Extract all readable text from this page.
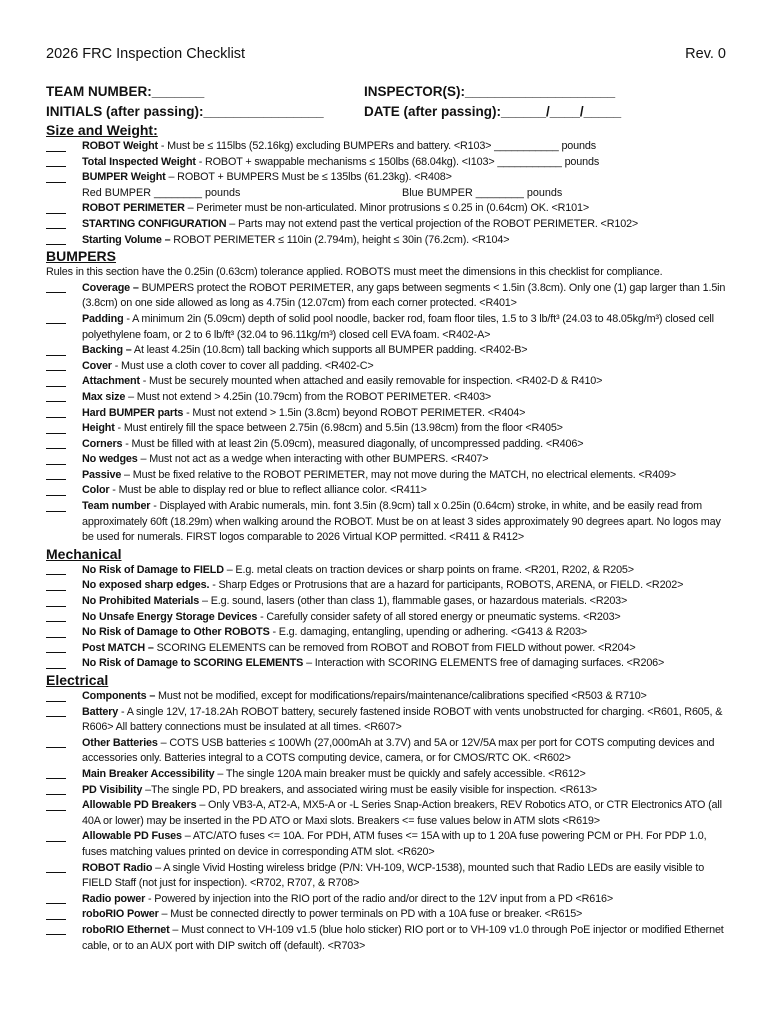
2026 FRC Inspection Checklist	Rev. 0
TEAM NUMBER:_______	INSPECTOR(S):____________________
INITIALS (after passing):________________	DATE (after passing):______/____/_____
Size and Weight:
ROBOT Weight - Must be ≤ 115lbs (52.16kg) excluding BUMPERs and battery. <R103> ___________ pounds
Total Inspected Weight - ROBOT + swappable mechanisms ≤ 150lbs (68.04kg). <I103> ___________ pounds
BUMPER Weight – ROBOT + BUMPERS Must be ≤ 135lbs (61.23kg). <R408>
Red BUMPER ________ pounds	Blue BUMPER ________ pounds
ROBOT PERIMETER – Perimeter must be non-articulated. Minor protrusions ≤ 0.25 in (0.64cm) OK. <R101>
STARTING CONFIGURATION – Parts may not extend past the vertical projection of the ROBOT PERIMETER. <R102>
Starting Volume – ROBOT PERIMETER ≤ 110in (2.794m), height ≤ 30in (76.2cm). <R104>
BUMPERS
Rules in this section have the 0.25in (0.63cm) tolerance applied. ROBOTS must meet the dimensions in this checklist for compliance.
Coverage – BUMPERS protect the ROBOT PERIMETER, any gaps between segments < 1.5in (3.8cm). Only one (1) gap larger than 1.5in (3.8cm) on one side allowed as long as 4.75in (12.07cm) from each corner protected. <R401>
Padding - A minimum 2in (5.09cm) depth of solid pool noodle, backer rod, foam floor tiles, 1.5 to 3 lb/ft³ (24.03 to 48.05kg/m³) closed cell polyethylene foam, or 2 to 6 lb/ft³ (32.04 to 96.11kg/m³) closed cell EVA foam. <R402-A>
Backing – At least 4.25in (10.8cm) tall backing which supports all BUMPER padding. <R402-B>
Cover - Must use a cloth cover to cover all padding. <R402-C>
Attachment - Must be securely mounted when attached and easily removable for inspection. <R402-D & R410>
Max size – Must not extend > 4.25in (10.79cm) from the ROBOT PERIMETER. <R403>
Hard BUMPER parts - Must not extend > 1.5in (3.8cm) beyond ROBOT PERIMETER. <R404>
Height - Must entirely fill the space between 2.75in (6.98cm) and 5.5in (13.98cm) from the floor <R405>
Corners - Must be filled with at least 2in (5.09cm), measured diagonally, of uncompressed padding. <R406>
No wedges – Must not act as a wedge when interacting with other BUMPERS. <R407>
Passive – Must be fixed relative to the ROBOT PERIMETER, may not move during the MATCH, no electrical elements. <R409>
Color - Must be able to display red or blue to reflect alliance color. <R411>
Team number - Displayed with Arabic numerals, min. font 3.5in (8.9cm) tall x 0.25in (0.64cm) stroke, in white, and be easily read from approximately 60ft (18.29m) when walking around the ROBOT. Must be on at least 3 sides approximately 90 degrees apart. No logos may be used for numerals. FIRST logos comparable to 2026 Virtual KOP permitted. <R411 & R412>
Mechanical
No Risk of Damage to FIELD – E.g. metal cleats on traction devices or sharp points on frame. <R201, R202, & R205>
No exposed sharp edges. - Sharp Edges or Protrusions that are a hazard for participants, ROBOTS, ARENA, or FIELD. <R202>
No Prohibited Materials – E.g. sound, lasers (other than class 1), flammable gases, or hazardous materials. <R203>
No Unsafe Energy Storage Devices - Carefully consider safety of all stored energy or pneumatic systems. <R203>
No Risk of Damage to Other ROBOTS - E.g. damaging, entangling, upending or adhering. <G413 & R203>
Post MATCH – SCORING ELEMENTS can be removed from ROBOT and ROBOT from FIELD without power. <R204>
No Risk of Damage to SCORING ELEMENTS – Interaction with SCORING ELEMENTS free of damaging surfaces. <R206>
Electrical
Components – Must not be modified, except for modifications/repairs/maintenance/calibrations specified <R503 & R710>
Battery - A single 12V, 17-18.2Ah ROBOT battery, securely fastened inside ROBOT with vents unobstructed for charging. <R601, R605, & R606> All battery connections must be insulated at all times. <R607>
Other Batteries – COTS USB batteries ≤ 100Wh (27,000mAh at 3.7V) and 5A or 12V/5A max per port for COTS computing devices and accessories only. Batteries integral to a COTS computing device, camera, or for CMOS/RTC OK. <R602>
Main Breaker Accessibility – The single 120A main breaker must be quickly and safely accessible. <R612>
PD Visibility –The single PD, PD breakers, and associated wiring must be easily visible for inspection. <R613>
Allowable PD Breakers – Only VB3-A, AT2-A, MX5-A or -L Series Snap-Action breakers, REV Robotics ATO, or CTR Electronics ATO (all 40A or lower) may be inserted in the PD ATO or Maxi slots. Breakers <= fuse values below in ATM slots <R619>
Allowable PD Fuses – ATC/ATO fuses <= 10A. For PDH, ATM fuses <= 15A with up to 1 20A fuse powering PCM or PH. For PDP 1.0, fuses matching values printed on device in corresponding ATM slot. <R620>
ROBOT Radio – A single Vivid Hosting wireless bridge (P/N: VH-109, WCP-1538), mounted such that Radio LEDs are easily visible to FIELD Staff (not just for inspection). <R702, R707, & R708>
Radio power - Powered by injection into the RIO port of the radio and/or direct to the 12V input from a PD <R616>
roboRIO Power – Must be connected directly to power terminals on PD with a 10A fuse or breaker. <R615>
roboRIO Ethernet – Must connect to VH-109 v1.5 (blue holo sticker) RIO port or to VH-109 v1.0 through PoE injector or modified Ethernet cable, or to an AUX port with DIP switch off (default). <R703>
